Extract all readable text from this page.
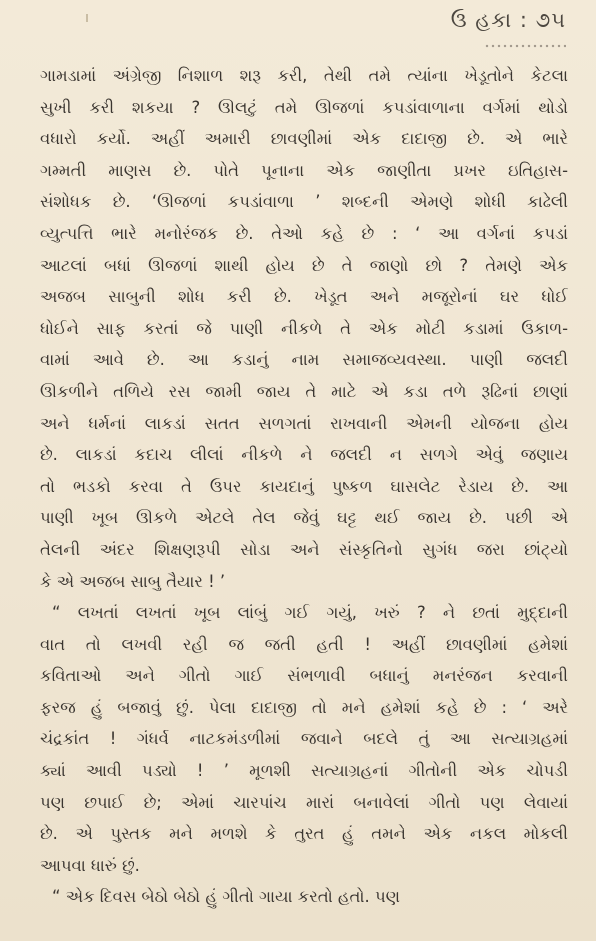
ઉ હકા : ૭૫
ગામડામાં અંગ્રેજી નિશાળ શરૂ કરી, તેથી તમે ત્યાંના ખેડૂતોને કેટલા
સુખી કરી શકયા ? ઊલટું તમે ઊજળાં કપડાંવાળાના વર્ગમાં થોડો
વધારો કર્યો. અહીં અમારી છાવણીમાં એક દાદાજી છે. એ ભારે
ગમ્મતી માણસ છે. પોતે પૂનાના એક જાણીતા પ્રખર ઇતિહાસ-
સંશોધક છે. ‘ઊજળાં કપડાંવાળા ’ શબ્દની એમણે શોધી કાઢેલી
વ્યુત્પત્તિ ભારે મનોરંજક છે. તેઓ કહે છે : ‘ આ વર્ગનાં કપડાં
આટલાં બધાં ઊજળાં શાથી હોય છે તે જાણો છો ? તેમણે એક
અજબ સાબુની શોધ કરી છે. ખેડૂત અને મજૂરોનાં ઘર ધોઈ
ધોઈને સાફ કરતાં જે પાણી નીકળે તે એક મોટી કડામાં ઉકાળ-
વામાં આવે છે. આ કડાનું નામ સમાજવ્યવસ્થા. પાણી જલદી
ઊકળીને તળિયે રસ જામી જાય તે માટે એ કડા તળે રૂઢિનાં છાણાં
અને ધર્મનાં લાકડાં સતત સળગતાં રાખવાની એમની યોજના હોય
છે. લાકડાં કદાચ લીલાં નીકળે ને જલદી ન સળગે એવું જણાય
તો ભડકો કરવા તે ઉપર કાયદાનું પુષ્કળ ઘાસલેટ રેડાય છે. આ
પાણી ખૂબ ઊકળે એટલે તેલ જેવું ઘટ્ટ થઈ જાય છે. પછી એ
તેલની અંદર શિક્ષણરૂપી સોડા અને સંસ્કૃતિનો સુગંધ જરા છાંટ્યો
કે એ અજબ સાબુ તૈયાર ! ’
“ લખતાં લખતાં ખૂબ લાંબું ગઈ ગયું, ખરું ? ને છતાં મુદ્દાની
વાત તો લખવી રહી જ જતી હતી ! અહીં છાવણીમાં હમેશાં
કવિતાઓ અને ગીતો ગાઈ સંભળાવી બધાનું મનરંજન કરવાની
ફરજ હું બજાવું છું. પેલા દાદાજી તો મને હમેશાં કહે છે : ‘ અરે
ચંદ્રકાંત ! ગંધર્વ નાટકમંડળીમાં જવાને બદલે તું આ સત્યાગ્રહમાં
ક્યાં આવી પડ્યો ! ’ મૂળશી સત્યાગ્રહનાં ગીતોની એક ચોપડી
પણ છપાઈ છે; એમાં ચારપાંચ મારાં બનાવેલાં ગીતો પણ લેવાયાં
છે. એ પુસ્તક મને મળશે કે તુરત હું તમને એક નકલ મોકલી
આપવા ધારું છું.
“ એક દિવસ બેઠો બેઠો હું ગીતો ગાયા કરતો હતો. પણ
